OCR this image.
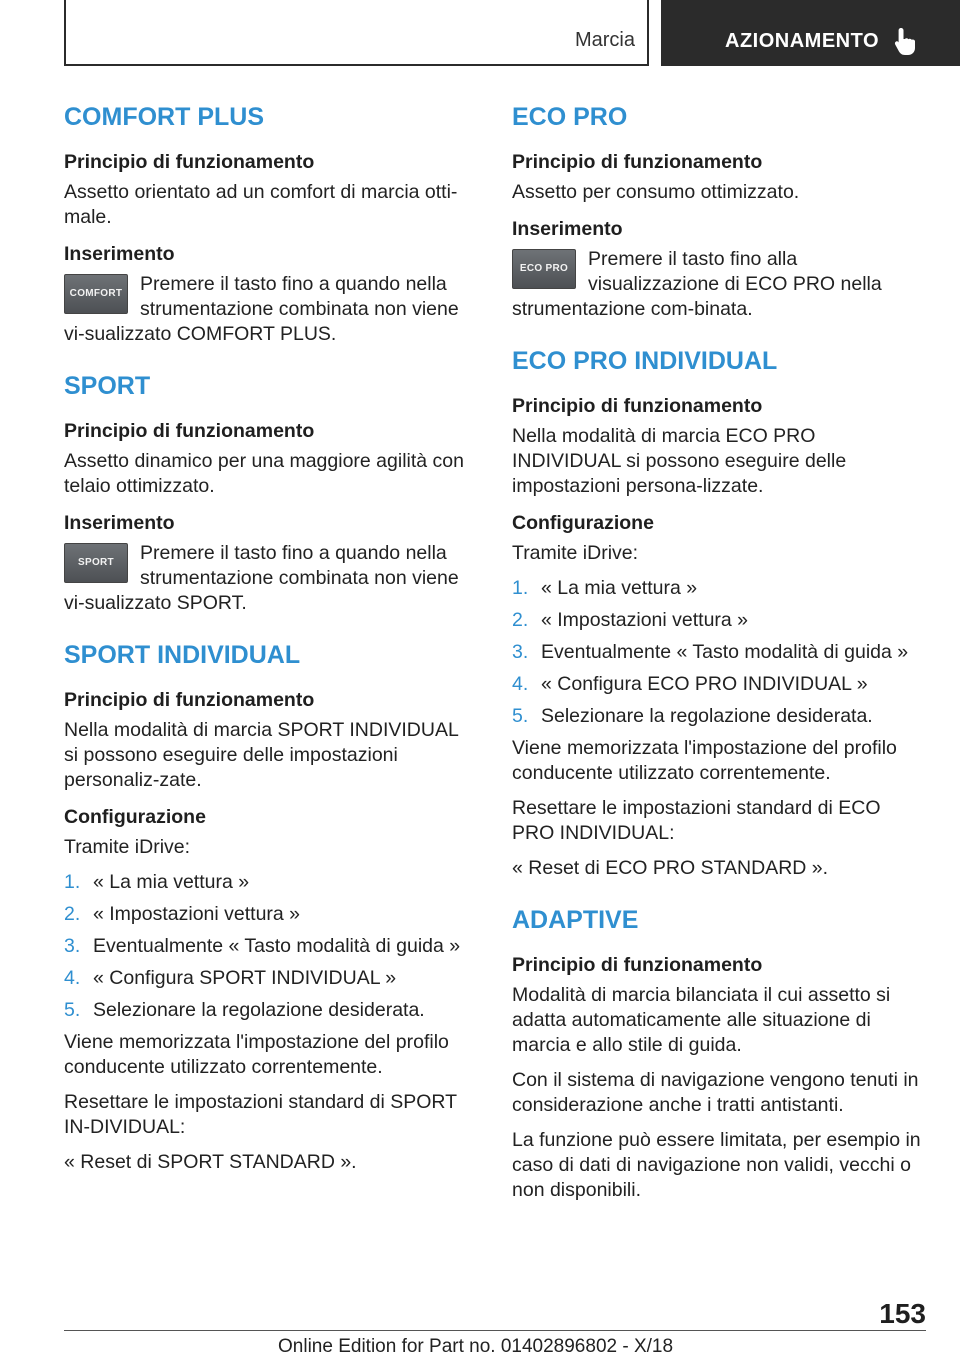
Marcia	AZIONAMENTO
COMFORT PLUS
Principio di funzionamento

Assetto orientato ad un comfort di marcia otti-male.

Inserimento
COMFORT Premere il tasto fino a quando nella strumentazione combinata non viene vi-sualizzato COMFORT PLUS.
SPORT
Principio di funzionamento

Assetto dinamico per una maggiore agilità con telaio ottimizzato.

Inserimento
SPORT	Premere il tasto fino a quando nella strumentazione combinata non viene vi-sualizzato SPORT.
SPORT INDIVIDUAL
Principio di funzionamento

Nella modalità di marcia SPORT INDIVIDUAL si possono eseguire delle impostazioni personaliz-zate.

Configurazione

Tramite iDrive:

1. « La mia vettura »
2. « Impostazioni vettura »
3. Eventualmente « Tasto modalità di guida »
4. « Configura SPORT INDIVIDUAL »
5. Selezionare la regolazione desiderata.

Viene memorizzata l'impostazione del profilo conducente utilizzato correntemente.

Resettare le impostazioni standard di SPORT IN-DIVIDUAL:

« Reset di SPORT STANDARD ».

ECO PRO
Principio di funzionamento

Assetto per consumo ottimizzato.

Inserimento
ECO PRO	Premere il tasto fino alla visualizzazione di ECO PRO nella strumentazione com-binata.
ECO PRO INDIVIDUAL
Principio di funzionamento

Nella modalità di marcia ECO PRO INDIVIDUAL si possono eseguire delle impostazioni persona-lizzate.

Configurazione

Tramite iDrive:

1. « La mia vettura »
2. « Impostazioni vettura »
3. Eventualmente « Tasto modalità di guida »
4. « Configura ECO PRO INDIVIDUAL »
5. Selezionare la regolazione desiderata.

Viene memorizzata l'impostazione del profilo conducente utilizzato correntemente.

Resettare le impostazioni standard di ECO PRO INDIVIDUAL:

« Reset di ECO PRO STANDARD ».

ADAPTIVE
Principio di funzionamento

Modalità di marcia bilanciata il cui assetto si adatta automaticamente alle situazione di marcia e allo stile di guida.

Con il sistema di navigazione vengono tenuti in considerazione anche i tratti antistanti.

La funzione può essere limitata, per esempio in caso di dati di navigazione non validi, vecchi o non disponibili.

153
Online Edition for Part no. 01402896802 - X/18
